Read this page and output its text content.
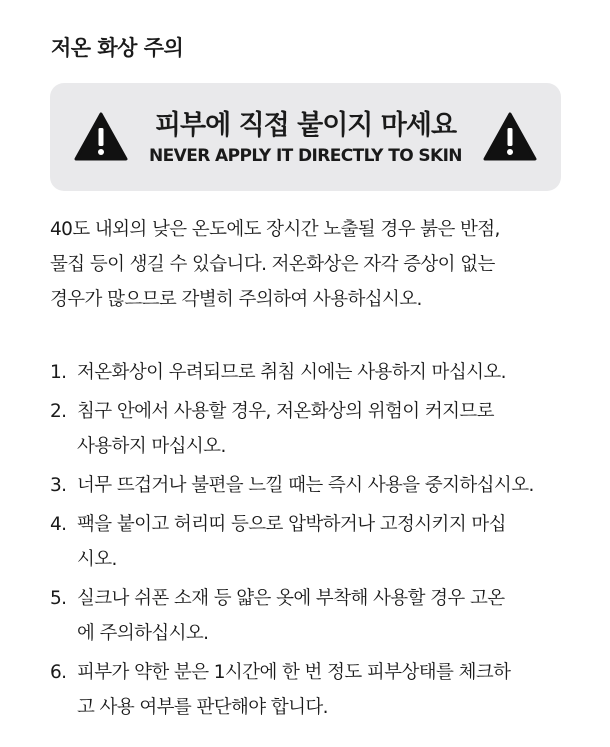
저온 화상 주의
피부에 직접 붙이지 마세요
NEVER APPLY IT DIRECTLY TO SKIN
40도 내외의 낮은 온도에도 장시간 노출될 경우 붉은 반점,
물집 등이 생길 수 있습니다. 저온화상은 자각 증상이 없는
경우가 많으므로 각별히 주의하여 사용하십시오.
1. 저온화상이 우려되므로 취침 시에는 사용하지 마십시오.
2. 침구 안에서 사용할 경우, 저온화상의 위험이 커지므로
사용하지 마십시오.
3. 너무 뜨겁거나 불편을 느낄 때는 즉시 사용을 중지하십시오.
4. 팩을 붙이고 허리띠 등으로 압박하거나 고정시키지 마십
시오.
5. 실크나 쉬폰 소재 등 얇은 옷에 부착해 사용할 경우 고온
에 주의하십시오.
6. 피부가 약한 분은 1시간에 한 번 정도 피부상태를 체크하
고 사용 여부를 판단해야 합니다.
